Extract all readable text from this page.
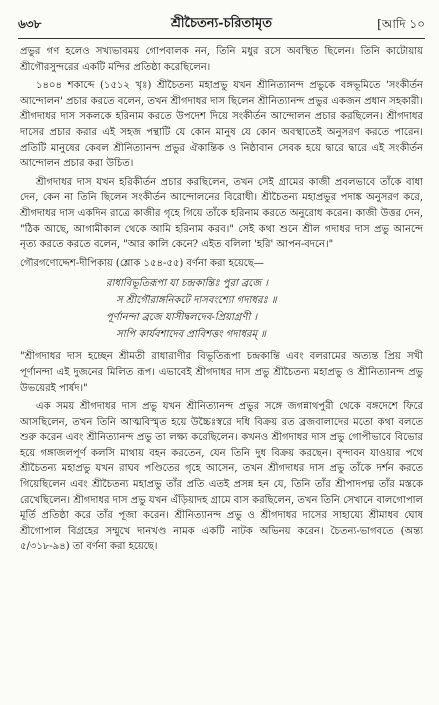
৬৩৮	শ্রীচৈতন্য-চরিতামৃত	[আদি ১০

প্রভুর গণ হলেও সখ্যভাবময় গোপবালক নন, তিনি মধুর রসে অবস্থিত ছিলেন। তিনি কাটোয়ায় শ্রীগৌরসুন্দরের একটি মন্দির প্রতিষ্ঠা করেছিলেন।

১৪০৪ শকাব্দে (১৫১২ খৃঃ) শ্রীচৈতন্য মহাপ্রভু যখন শ্রীনিত্যানন্দ প্রভুকে বঙ্গভূমিতে 'সংকীর্তন আন্দোলন' প্রচার করতে বলেন, তখন শ্রীগদাধর দাস ছিলেন শ্রীনিত্যানন্দ প্রভুর একজন প্রধান সহকারী। শ্রীগদাধর দাস সকলকে হরিনাম করতে উপদেশ দিয়ে সংকীর্তন আন্দোলন প্রচার করছিলেন। শ্রীগদাধর দাসের প্রচার করার এই সহজ পন্থাটি যে কোন মানুষ যে কোন অবস্থাতেই অনুসরণ করতে পারেন। প্রতিটি মানুষের কেবল শ্রীনিত্যানন্দ প্রভুর ঐকান্তিক ও নিষ্ঠাবান সেবক হয়ে দ্বারে দ্বারে এই সংকীর্তন আন্দোলন প্রচার করা উচিত।

শ্রীগদাধর দাস যখন হরিকীর্তন প্রচার করছিলেন, তখন সেই গ্রামের কাজী প্রবলভাবে তাঁকে বাধা দেন, কেন না তিনি ছিলেন সংকীর্তন আন্দোলনের বিরোধী। শ্রীচৈতন্য মহাপ্রভুর পদাঙ্ক অনুসরণ করে, শ্রীগদাধর দাস একদিন রাত্রে কাজীর গৃহে গিয়ে তাঁকে হরিনাম করতে অনুরোধ করেন। কাজী উত্তর দেন, "ঠিক আছে, আগামীকাল থেকে আমি হরিনাম করব।" সেই কথা শুনে শ্রীল গদাধর দাস প্রভু আনন্দে নৃত্য করতে করতে বলেন, "আর কালি কেনে? এইত বলিলা 'হরি' আপন-বদনে।"

গৌরগণোদ্দেশ-দীপিকায় (শ্লোক ১৫৪-৫৫) বর্ণনা করা হয়েছে—

রাধাবিভূতিরূপা যা চন্দ্রকান্তিঃ পুরা ব্রজে ।
স শ্রীগৌরাঙ্গনিকটে দাসবংশ্যো গদাধরঃ ॥
পূর্ণানন্দা ব্রজে যাসীদ্বলদেব-প্রিয়াগ্রণী ।
সাপি কার্যবশাদেব প্রাবিশত্তং গদাধরম্ ॥

"শ্রীগদাধর দাস হচ্ছেন শ্রীমতী রাধারাণীর বিভূতিরূপা চন্দ্রকান্তি এবং বলরামের অত্যন্ত প্রিয় সখী পূর্ণানন্দা এই দুজনের মিলিত রূপ। এভাবেই শ্রীগদাধর দাস প্রভু শ্রীচৈতন্য মহাপ্রভু ও শ্রীনিত্যানন্দ প্রভু উভয়েরই পার্ষদ।"

এক সময় শ্রীগদাধর দাস প্রভু যখন শ্রীনিত্যানন্দ প্রভুর সঙ্গে জগন্নাথপুরী থেকে বঙ্গদেশে ফিরে আসছিলেন, তখন তিনি আত্মবিস্মৃত হয়ে উচ্চৈঃস্বরে দধি বিক্রয় রত ব্রজবালাদের মতো কথা বলতে শুরু করেন এবং শ্রীনিত্যানন্দ প্রভু তা লক্ষ্য করেছিলেন। কখনও শ্রীগদাধর দাস প্রভু গোপীভাবে বিভোর হয়ে গঙ্গাজলপূর্ণ কলসি মাথায় বহন করতেন, যেন তিনি দুধ বিক্রয় করছেন। বৃন্দাবন যাওয়ার পথে শ্রীচৈতন্য মহাপ্রভু যখন রাঘব পণ্ডিতের গৃহে আসেন, তখন শ্রীগদাধর দাস প্রভু তাঁকে দর্শন করতে গিয়েছিলেন এবং শ্রীচৈতন্য মহাপ্রভু তাঁর প্রতি এতই প্রসন্ন হন যে, তিনি তাঁর শ্রীপাদপদ্ম তাঁর মস্তকে রেখেছিলেন। শ্রীগদাধর দাস প্রভু যখন এঁড়িয়াদহ গ্রামে বাস করছিলেন, তখন তিনি সেখানে বালগোপাল মূর্তি প্রতিষ্ঠা করে তাঁর পূজা করেন। শ্রীনিত্যানন্দ প্রভু ও শ্রীগদাধর দাসের সাহায্যে শ্রীমাধব ঘোষ শ্রীগোপাল বিগ্রহের সম্মুখে দানখণ্ড নামক একটি নাটক অভিনয় করেন। চৈতন্য-ভাগবতে (অন্ত্য ৫/৩১৮-৯৪) তা বর্ণনা করা হয়েছে।
